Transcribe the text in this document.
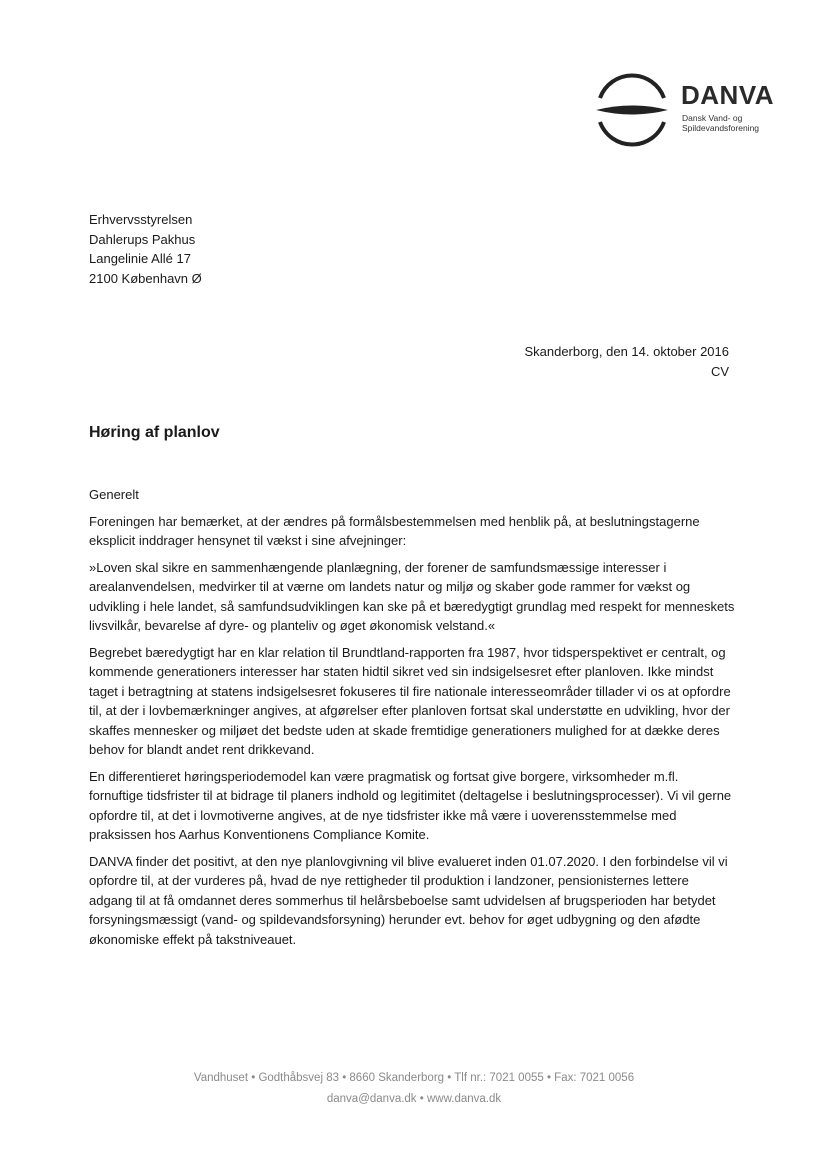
DANVA
Dansk Vand- og
Spildevandsforening
Erhvervsstyrelsen
Dahlerups Pakhus
Langelinie Allé 17
2100 København Ø
Skanderborg, den 14. oktober 2016
CV
Høring af planlov

Generelt

Foreningen har bemærket, at der ændres på formålsbestemmelsen med henblik på, at beslutningstagerne eksplicit inddrager hensynet til vækst i sine afvejninger:

»Loven skal sikre en sammenhængende planlægning, der forener de samfundsmæssige interesser i arealanvendelsen, medvirker til at værne om landets natur og miljø og skaber gode rammer for vækst og udvikling i hele landet, så samfundsudviklingen kan ske på et bæredygtigt grundlag med respekt for menneskets livsvilkår, bevarelse af dyre- og planteliv og øget økonomisk velstand.«

Begrebet bæredygtigt har en klar relation til Brundtland-rapporten fra 1987, hvor tidsperspektivet er centralt, og kommende generationers interesser har staten hidtil sikret ved sin indsigelsesret efter planloven. Ikke mindst taget i betragtning at statens indsigelsesret fokuseres til fire nationale interesseområder tillader vi os at opfordre til, at der i lovbemærkninger angives, at afgørelser efter planloven fortsat skal understøtte en udvikling, hvor der skaffes mennesker og miljøet det bedste uden at skade fremtidige generationers mulighed for at dække deres behov for blandt andet rent drikkevand.

En differentieret høringsperiodemodel kan være pragmatisk og fortsat give borgere, virksomheder m.fl. fornuftige tidsfrister til at bidrage til planers indhold og legitimitet (deltagelse i beslutningsprocesser). Vi vil gerne opfordre til, at det i lovmotiverne angives, at de nye tidsfrister ikke må være i uoverensstemmelse med praksissen hos Aarhus Konventionens Compliance Komite.

DANVA finder det positivt, at den nye planlovgivning vil blive evalueret inden 01.07.2020. I den forbindelse vil vi opfordre til, at der vurderes på, hvad de nye rettigheder til produktion i landzoner, pensionisternes lettere adgang til at få omdannet deres sommerhus til helårsbeboelse samt udvidelsen af brugsperioden har betydet forsyningsmæssigt (vand- og spildevandsforsyning) herunder evt. behov for øget udbygning og den afødte økonomiske effekt på takstniveauet.

Vandhuset • Godthåbsvej 83 • 8660 Skanderborg • Tlf nr.: 7021 0055 • Fax: 7021 0056
danva@danva.dk • www.danva.dk
